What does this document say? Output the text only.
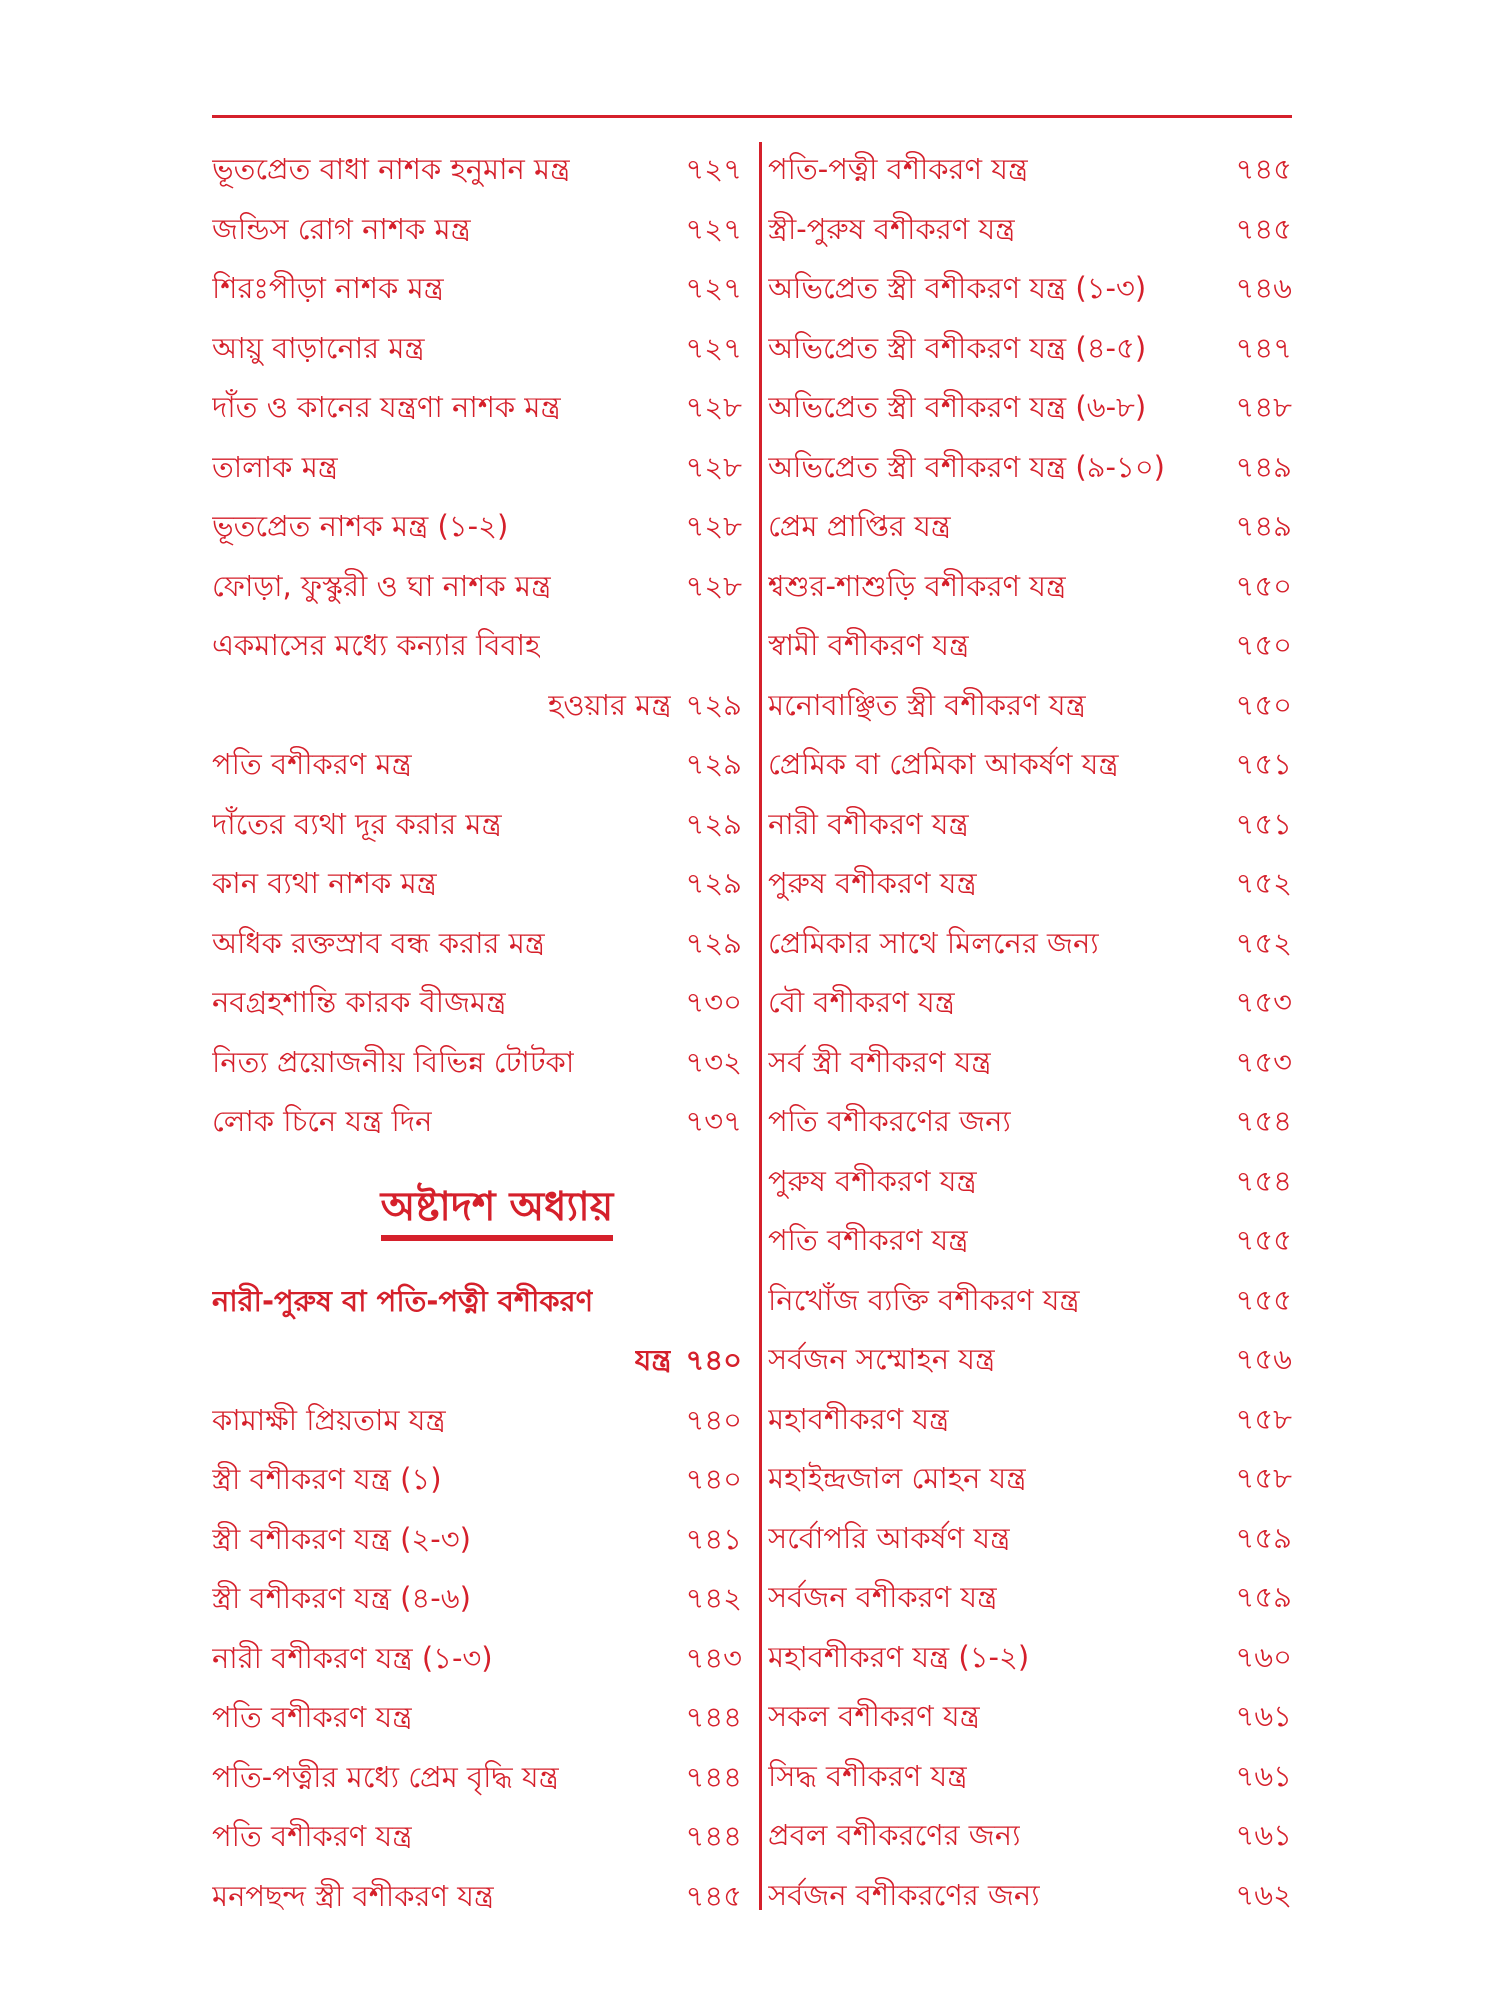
ভূতপ্রেত বাধা নাশক হনুমান মন্ত্র	৭২৭
জন্ডিস রোগ নাশক মন্ত্র	৭২৭
শিরঃপীড়া নাশক মন্ত্র	৭২৭
আয়ু বাড়ানোর মন্ত্র	৭২৭
দাঁত ও কানের যন্ত্রণা নাশক মন্ত্র	৭২৮
তালাক মন্ত্র	৭২৮
ভূতপ্রেত নাশক মন্ত্র (১-২)	৭২৮
ফোড়া, ফুস্কুরী ও ঘা নাশক মন্ত্র	৭২৮
একমাসের মধ্যে কন্যার বিবাহ
হওয়ার মন্ত্র ৭২৯
পতি বশীকরণ মন্ত্র	৭২৯
দাঁতের ব্যথা দূর করার মন্ত্র	৭২৯
কান ব্যথা নাশক মন্ত্র	৭২৯
অধিক রক্তস্রাব বন্ধ করার মন্ত্র	৭২৯
নবগ্রহশান্তি কারক বীজমন্ত্র	৭৩০
নিত্য প্রয়োজনীয় বিভিন্ন টোটকা	৭৩২
লোক চিনে যন্ত্র দিন	৭৩৭
অষ্টাদশ অধ্যায়
নারী-পুরুষ বা পতি-পত্নী বশীকরণ
যন্ত্র ৭৪০
কামাক্ষী প্রিয়তাম যন্ত্র	৭৪০
স্ত্রী বশীকরণ যন্ত্র (১)	৭৪০
স্ত্রী বশীকরণ যন্ত্র (২-৩)	৭৪১
স্ত্রী বশীকরণ যন্ত্র (৪-৬)	৭৪২
নারী বশীকরণ যন্ত্র (১-৩)	৭৪৩
পতি বশীকরণ যন্ত্র	৭৪৪
পতি-পত্নীর মধ্যে প্রেম বৃদ্ধি যন্ত্র	৭৪৪
পতি বশীকরণ যন্ত্র	৭৪৪
মনপছন্দ স্ত্রী বশীকরণ যন্ত্র	৭৪৫
পতি-পত্নী বশীকরণ যন্ত্র	৭৪৫
স্ত্রী-পুরুষ বশীকরণ যন্ত্র	৭৪৫
অভিপ্রেত স্ত্রী বশীকরণ যন্ত্র (১-৩)	৭৪৬
অভিপ্রেত স্ত্রী বশীকরণ যন্ত্র (৪-৫)	৭৪৭
অভিপ্রেত স্ত্রী বশীকরণ যন্ত্র (৬-৮)	৭৪৮
অভিপ্রেত স্ত্রী বশীকরণ যন্ত্র (৯-১০)	৭৪৯
প্রেম প্রাপ্তির যন্ত্র	৭৪৯
শ্বশুর-শাশুড়ি বশীকরণ যন্ত্র	৭৫০
স্বামী বশীকরণ যন্ত্র	৭৫০
মনোবাঞ্ছিত স্ত্রী বশীকরণ যন্ত্র	৭৫০
প্রেমিক বা প্রেমিকা আকর্ষণ যন্ত্র	৭৫১
নারী বশীকরণ যন্ত্র	৭৫১
পুরুষ বশীকরণ যন্ত্র	৭৫২
প্রেমিকার সাথে মিলনের জন্য	৭৫২
বৌ বশীকরণ যন্ত্র	৭৫৩
সর্ব স্ত্রী বশীকরণ যন্ত্র	৭৫৩
পতি বশীকরণের জন্য	৭৫৪
পুরুষ বশীকরণ যন্ত্র	৭৫৪
পতি বশীকরণ যন্ত্র	৭৫৫
নিখোঁজ ব্যক্তি বশীকরণ যন্ত্র	৭৫৫
সর্বজন সম্মোহন যন্ত্র	৭৫৬
মহাবশীকরণ যন্ত্র	৭৫৮
মহাইন্দ্রজাল মোহন যন্ত্র	৭৫৮
সর্বোপরি আকর্ষণ যন্ত্র	৭৫৯
সর্বজন বশীকরণ যন্ত্র	৭৫৯
মহাবশীকরণ যন্ত্র (১-২)	৭৬০
সকল বশীকরণ যন্ত্র	৭৬১
সিদ্ধ বশীকরণ যন্ত্র	৭৬১
প্রবল বশীকরণের জন্য	৭৬১
সর্বজন বশীকরণের জন্য	৭৬২
